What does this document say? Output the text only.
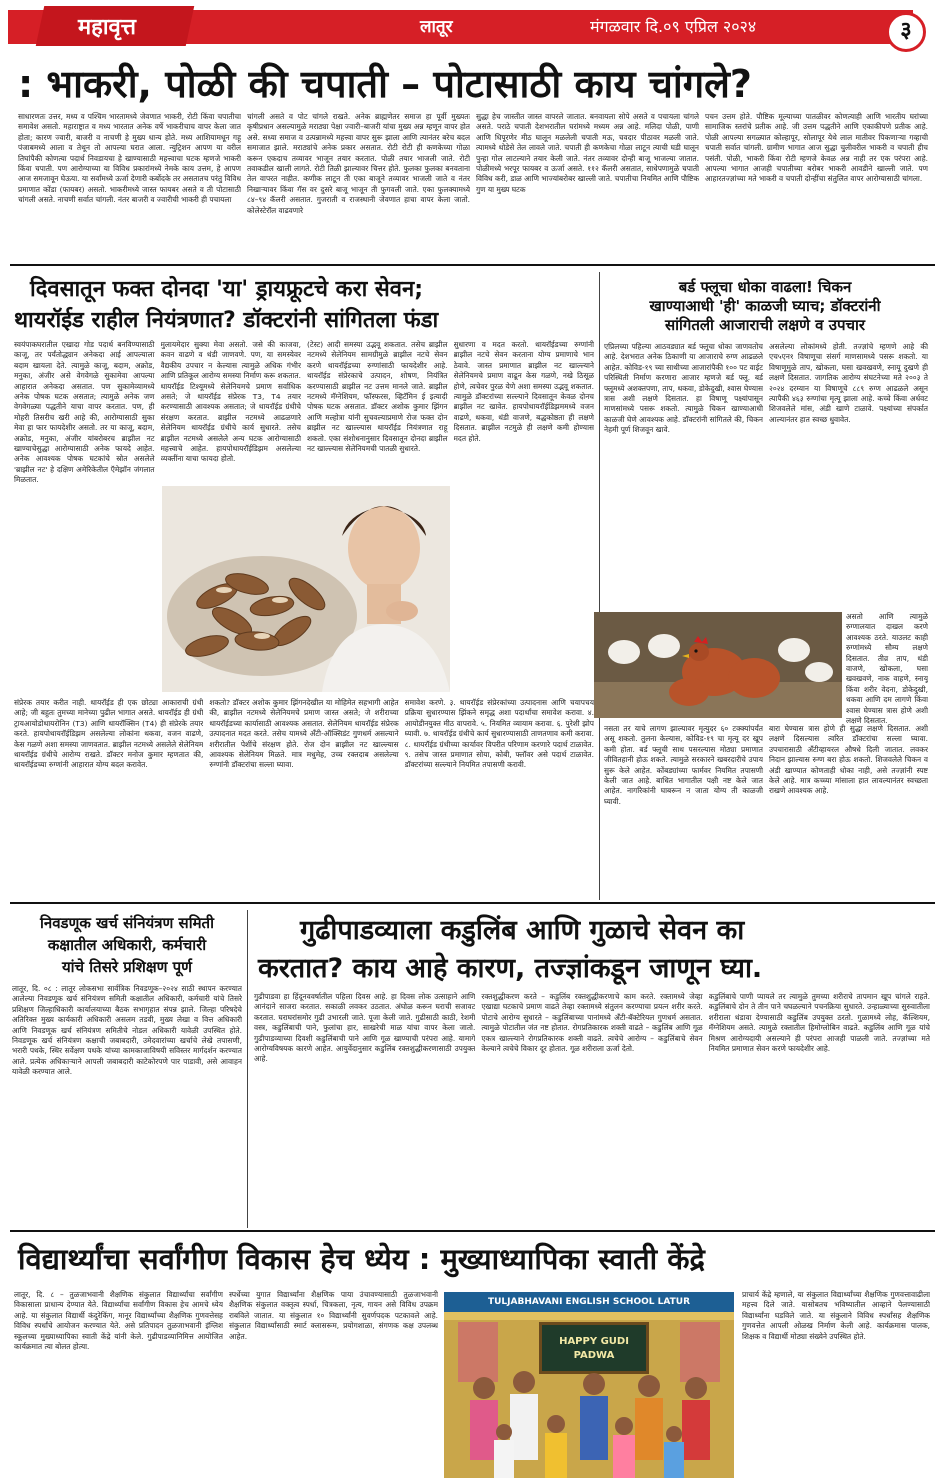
महावृत्त	लातूर	मंगळवार दि.०९ एप्रिल २०२४	३
: भाकरी, पोळी की चपाती – पोटासाठी काय चांगले?
साधारणतः उत्तर, मध्य व पश्चिम भारतामध्ये जेवणात भाकरी, रोटी किंवा चपातीचा समावेश असतो. महाराष्ट्रात व मध्य भारतात अनेक वर्षे भाकरीचाच वापर केला जात होता; कारण ज्वारी, बाजरी व नाचणी हे मुख्य धान्य होते. मध्य आशियामधून गहू पंजाबमध्ये आला व तेथून तो आपल्या घरात आला. न्युट्रिशन आपण या वरील तिघांपैकी कोणत्या पदार्थ निवडायचा हे खाण्यासाठी महत्त्वाचा घटक म्हणजे भाकरी किंवा चपाती. पण आरोग्याच्या या विविध प्रकारांमध्ये नेमके काय उत्तम, हे आपण आज समजावून घेऊया. या सर्वांमध्ये ऊर्जा देणारी कर्बोदके तर असतातच परंतु विविध प्रमाणात कोंडा (फायबर) असतो. भाकरीमध्ये जास्त फायबर असते व ती पोटासाठी चांगली असते. नाचणी सर्वात चांगली. नंतर बाजरी व ज्वारीची भाकरी ही पचायला
चांगली असते व पोट चांगले राखते. अनेक ब्राह्मणेतर समाज हा पूर्वी मुख्यतः कृषीप्रधान असल्यामुळे मराठ्या पेक्षा ज्वारी–बाजरी यांचा मुख्य अन्न म्हणून वापर होत असे. सध्या समाज व उत्पन्नामध्ये महत्त्वा वापर सुरू झाला आणि त्यानंतर बरेच बदल समाजात झाले. मराठ्यांचे अनेक प्रकार असतात. रोटी रोटी ही कणकेच्या गोळा करून एकदाच तव्यावर भाजून तयार करतात. पोळी तयार भाजली जाते. रोटी तवाकडील खाली लागते. रोटी तिळी झाल्यावर चित्तर होते. फुलका फुलका बनवताना तेल वापरत नाहीत. कणीक लाटून ती एका बाजूने तव्यावर भाजली जाते व नंतर निखाऱ्यावर किंवा गॅस वर दुसरे बाजू भाजून ती फुगवली जाते. एका फुलक्यामध्ये ८४–९४ कॅलरी असतात. गुजराती व राजस्थानी जेवणात हाचा वापर केला जातो. कोलेस्टेरॉल वाढवणारे
सुद्धा हेच जास्तीत जास्त वापरले जातात. बनवायला सोपे असते व पचायला चांगले असते. पराठे चपाती देशभरातील घरांमध्ये मध्यम अन्न आहे. मलिदा पोळी, पाणी आणि धिपूरणेर मीठ घालून मळलेली चपाती मऊ, चवदार पीठावर मळली जाते. त्यामध्ये थोडेसे तेल लावले जाते. चपाती ही कणकेचा गोळा लाटून त्याची घडी घालून पुन्हा गोल लाटल्याने तयार केली जाते. नंतर तव्यावर दोन्ही बाजू भाजल्या जातात. पोळीमध्ये भरपूर फायबर व ऊर्जा असते. ११२ कॅलरी असतात, साधेपणामुळे चपाती विविध करी, डाळ आणि भाज्यांबरोबर खाल्ली जाते. चपातीचा नियमित आणि पौष्टिक गुण या मुख्य घटक
पचन उत्तम होते. पौष्टिक मूल्याच्या पातळीवर कोणत्याही आणि भारतीय घरांच्या सामाजिक स्तरांचे प्रतीक आहे. जी उत्तम पद्धतीने आणि एकाकीपणे प्रतीक आहे. पोळी आपल्या सगळ्यात कोल्हापूर, सोलापूर येथे लाल मातीवर पिकणाऱ्या गव्हाची चपाती सर्वात चांगली. ग्रामीण भागात आज सुद्धा चुलीवरील भाकरी व चपाती हीच पसंती. पोळी, भाकरी किंवा रोटी म्हणजे केवळ अन्न नाही तर एक परंपरा आहे. आपल्या भागात आजही चपातीच्या बरोबर भाकरी आवडीने खाल्ली जाते. पण आहारतज्ज्ञांच्या मते भाकरी व चपाती दोन्हींचा संतुलित वापर आरोग्यासाठी चांगला.
दिवसातून फक्त दोनदा 'या' ड्रायफ्रूटचे करा सेवन;
थायरॉईड राहील नियंत्रणात? डॉक्टरांनी सांगितला फंडा
स्वयंपाकघरातील एखादा गोड पदार्थ बनविण्यासाठी काजू, तर पर्यंतोद्ध्यान अनेकदा आई आपल्याला बदाम खायला देते. त्यामुळे काजू, बदाम, अक्रोड, मनुका, अंजीर असे वेगवेगळे सुकामेवा आपल्या आहारात अनेकदा असतात. पण सुकामेव्यामध्ये अनेक पोषक घटक असतात; त्यामुळे अनेक जण वेगवेगळ्या पद्धतीने याचा वापर करतात. पण, ही मोहरी तिसरीच खरी आहे की, आरोग्यासाठी सुका मेवा हा फार फायदेशीर असतो. तर या काजू, बदाम, अक्रोड, मनुका, अंजीर यांबरोबरच ब्राझील नट खाण्याचेसुद्धा आरोग्यासाठी अनेक फायदे आहेत. अनेक आवश्यक पोषक घटकांचे स्रोत असलेले 'ब्राझील नट' हे दक्षिण अमेरिकेतील ऍमेझॉन जंगलात मिळतात.
मुलायमेदार सुक्या मेवा असतो. जसे की काजवा, कवन वाढणे व थंडी जाणवणे. पण, या समस्येवर वैद्यकीय उपचार न केल्यास त्यामुळे अधिक गंभीर आणि प्रतिकूल आरोग्य समस्या निर्माण करू शकतात. थायरॉईड टिश्यूमध्ये सेलेनियमचे प्रमाण सर्वाधिक असते; जे थायरॉईड संप्रेरक T3, T4 तयार करण्यासाठी आवश्यक असतात; जे थायरॉईड ग्रंथीचे संरक्षण करतात. ब्राझील नटमध्ये आढळणारे सेलेनियम थायरॉईड ग्रंथीचे कार्य सुधारते. तसेच ब्राझील नटमध्ये असलेले अन्य घटक आरोग्यासाठी महत्त्वाचे आहेत. हायपोथायरॉईडिझम असलेल्या व्यक्तींना याचा फायदा होतो.
(टेस्ट) आदी समस्या उद्भवू शकतात. तसेच ब्राझील नटमध्ये सेलेनियम सामग्रीमुळे ब्राझील नटचे सेवन करणे थायरॉईडच्या रुग्णांसाठी फायदेशीर आहे. थायरॉईड संप्रेरकाचे उत्पादन, शोषण, नियंत्रित करण्यासाठी ब्राझील नट उत्तम मानले जाते. ब्राझील नटमध्ये मॅग्नेशियम, फॉस्फरस, व्हिटॅमिन ई इत्यादी पोषक घटक असतात. डॉक्टर अशोक कुमार झिंगन आणि मल्होत्रा यांनी सुचवल्याप्रमाणे रोज फक्त दोन ब्राझील नट खाल्ल्यास थायरॉईड नियंत्रणात राहू शकतो. एका संशोधनानुसार दिवसातून दोनदा ब्राझील नट खाल्ल्यास सेलेनियमची पातळी सुधारते.
सुधारणा व मदत करतो. थायरॉईडच्या रुग्णांनी ब्राझील नटचे सेवन करताना योग्य प्रमाणाचे भान ठेवावे. जास्त प्रमाणात ब्राझील नट खाल्ल्याने सेलेनियमचे प्रमाण वाढून केस गळणे, नखे ठिसूळ होणे, त्वचेवर पुरळ येणे अशा समस्या उद्भवू शकतात. त्यामुळे डॉक्टरांच्या सल्ल्याने दिवसातून केवळ दोनच ब्राझील नट खावेत. हायपोथायरॉईडिझममध्ये वजन वाढणे, थकवा, थंडी वाजणे, बद्धकोष्ठता ही लक्षणे दिसतात. ब्राझील नटमुळे ही लक्षणे कमी होण्यास मदत होते.
संप्रेरक तयार करीत नाही. थायरॉईड ही एक छोट्या आकाराची ग्रंथी आहे; जी बहुतः तुमच्या मानेच्या पुढील भागात असते. थायरॉईड ही ग्रंथी ट्रायआयोडोथायरोनिन (T3) आणि थायरॉक्सिन (T4) ही संप्रेरके तयार करते. हायपोथायरॉईडिझम असलेल्या लोकांना थकवा, वजन वाढणे, केस गळणे अशा समस्या जाणवतात. ब्राझील नटमध्ये असलेले सेलेनियम थायरॉईड ग्रंथीचे आरोग्य राखते. डॉक्टर मनोज कुमार म्हणतात की, थायरॉईडच्या रुग्णांनी आहारात योग्य बदल करावेत.
शकतो? डॉक्टर अशोक कुमार झिंगनदेखील या मोहिमेत सहभागी आहेत की, ब्राझील नटमध्ये सेलेनियमचे प्रमाण जास्त असते; जे शरीराच्या थायरॉईडच्या कार्यासाठी आवश्यक असतात. सेलेनियम थायरॉईड संप्रेरक उत्पादनात मदत करते. तसेच यामध्ये अँटी-ऑक्सिडंट गुणधर्म असल्याने शरीरातील पेशींचे संरक्षण होते. रोज दोन ब्राझील नट खाल्ल्यास आवश्यक सेलेनियम मिळते. मात्र मधुमेह, उच्च रक्तदाब असलेल्या रुग्णांनी डॉक्टरांचा सल्ला घ्यावा.
समावेश करणे. ३. थायरॉईड संप्रेरकांच्या उत्पादनास आणि चयापचय प्रक्रिया सुधारण्यास झिंकने समृद्ध अशा पदार्थांचा समावेश करावा. ४. आयोडीनयुक्त मीठ वापरावे. ५. नियमित व्यायाम करावा. ६. पुरेशी झोप घ्यावी. ७. थायरॉईड ग्रंथीचे कार्य सुधारण्यासाठी ताणतणाव कमी करावा. ८. थायरॉईड ग्रंथीच्या कार्यावर विपरीत परिणाम करणारे पदार्थ टाळावेत. ९. तसेच जास्त प्रमाणात सोया, कोबी, फ्लॉवर असे पदार्थ टाळावेत. डॉक्टरांच्या सल्ल्याने नियमित तपासणी करावी.
बर्ड फ्लूचा धोका वाढला! चिकन
खाण्याआधी 'ही' काळजी घ्याच; डॉक्टरांनी
सांगितली आजाराची लक्षणे व उपचार
एप्रिलच्या पहिल्या आठवड्यात बर्ड फ्लूचा धोका जाणवतोच आहे. देशभरात अनेक ठिकाणी या आजाराचे रुग्ण आढळले आहेत. कोविड-१९ च्या साथीच्या आजारांपैकी १०० पट वाईट परिस्थिती निर्माण करणारा आजार म्हणजे बर्ड फ्लू. बर्ड फ्लूमध्ये अशक्तपणा, ताप, थकवा, डोकेदुखी, श्वास घेण्यास त्रास अशी लक्षणे दिसतात. हा विषाणू पक्ष्यांपासून माणसांमध्ये पसरू शकतो. त्यामुळे चिकन खाण्याआधी काळजी घेणे आवश्यक आहे. डॉक्टरांनी सांगितले की, चिकन नेहमी पूर्ण शिजवून खावे.
असलेल्या लोकांमध्ये होती. तज्ज्ञांचे म्हणणे आहे की एच५एन१ विषाणूचा संसर्ग माणसामध्ये पसरू शकतो. या विषाणूमुळे ताप, खोकला, घसा खवखवणे, स्नायू दुखणे ही लक्षणे दिसतात. जागतिक आरोग्य संघटनेच्या मते २००३ ते २०२४ दरम्यान या विषाणूचे ८८९ रुग्ण आढळले असून त्यापैकी ४६३ रुग्णांचा मृत्यू झाला आहे. कच्चे किंवा अर्धवट शिजवलेले मांस, अंडी खाणे टाळावे. पक्ष्यांच्या संपर्कात आल्यानंतर हात स्वच्छ धुवावेत.
असतो आणि त्यामुळे रुग्णालयात दाखल करणे आवश्यक ठरते. याउलट काही रुग्णांमध्ये सौम्य लक्षणे दिसतात. तीव्र ताप, थंडी वाजणे, खोकला, घसा खवखवणे, नाक वाहणे, स्नायू किंवा शरीर वेदना, डोकेदुखी, थकवा आणि दम लागणे किंवा श्वास घेण्यास त्रास होणे अशी लक्षणे दिसतात.
नसता तर याचे लागण झाल्यावर मृत्युदर ६० टक्क्यांपर्यंत असू शकतो. तुलना केल्यास, कोविड-१९ चा मृत्यू दर खूप कमी होता. बर्ड फ्लूची साथ पसरल्यास मोठ्या प्रमाणात जीवितहानी होऊ शकते. त्यामुळे सरकारने खबरदारीचे उपाय सुरू केले आहेत. कोंबड्यांच्या फार्मवर नियमित तपासणी केली जात आहे. बाधित भागातील पक्षी नष्ट केले जात आहेत. नागरिकांनी घाबरून न जाता योग्य ती काळजी घ्यावी.
बारा घेण्यास त्रास होणे ही सुद्धा लक्षणे दिसतात. अशी लक्षणे दिसल्यास त्वरित डॉक्टरांचा सल्ला घ्यावा. उपचारासाठी अँटीव्हायरल औषधे दिली जातात. लवकर निदान झाल्यास रुग्ण बरा होऊ शकतो. शिजवलेले चिकन व अंडी खाण्यात कोणताही धोका नाही, असे तज्ज्ञांनी स्पष्ट केले आहे. मात्र कच्च्या मांसाला हात लावल्यानंतर स्वच्छता राखणे आवश्यक आहे.
निवडणूक खर्च संनियंत्रण समिती
कक्षातील अधिकारी, कर्मचारी
यांचे तिसरे प्रशिक्षण पूर्ण
लातूर, दि. ०८ : लातूर लोकसभा सार्वत्रिक निवडणूक–२०२४ साठी स्थापन करण्यात आलेल्या निवडणूक खर्च संनियंत्रण समिती कक्षातील अधिकारी, कर्मचारी यांचे तिसरे प्रशिक्षण जिल्हाधिकारी कार्यालयाच्या बैठक सभागृहात संपन्न झाले. जिल्हा परिषदेचे अतिरिक्त मुख्य कार्यकारी अधिकारी असलम तडवी, मुख्य लेखा व वित्त अधिकारी आणि निवडणूक खर्च संनियंत्रण समितीचे नोडल अधिकारी यावेळी उपस्थित होते. निवडणूक खर्च संनियंत्रण कक्षाची जबाबदारी, उमेदवारांच्या खर्चाचे लेखे तपासणी, भरारी पथके, स्थिर सर्वेक्षण पथके यांच्या कामकाजाविषयी सविस्तर मार्गदर्शन करण्यात आले. प्रत्येक अधिकाऱ्याने आपली जबाबदारी काटेकोरपणे पार पाडावी, असे आवाहन यावेळी करण्यात आले.
गुढीपाडव्याला कडुलिंब आणि गुळाचे सेवन का
करतात? काय आहे कारण, तज्ज्ञांकडून जाणून घ्या.
गुढीपाडवा हा हिंदूनववर्षातील पहिला दिवस आहे. हा दिवस लोक उत्साहाने आणि आनंदाने साजरा करतात. सकाळी लवकर उठतात. अंघोळ करून घराची सजावट करतात. घराघरांसमोर गुढी उभारली जाते. पूजा केली जाते. गुढीसाठी काठी, रेशमी वस्त्र, कडुलिंबाची पाने, फुलांचा हार, साखरेची माळ यांचा वापर केला जातो. गुढीपाडव्याच्या दिवशी कडुलिंबाची पाने आणि गूळ खाण्याची परंपरा आहे. यामागे आरोग्यविषयक कारणे आहेत. आयुर्वेदानुसार कडुलिंब रक्तशुद्धीकरणासाठी उपयुक्त आहे.
रक्तशुद्धीकरण करते – कडुलिंब रक्तशुद्धीकरणाचे काम करते. रक्तामध्ये जेव्हा एखाद्या घटकाचे प्रमाण वाढते तेव्हा रक्तामध्ये संतुलन करण्याचा प्रयत्न शरीर करते. पोटाचे आरोग्य सुधारते – कडुलिंबाच्या पानांमध्ये अँटी-बॅक्टेरियल गुणधर्म असतात. त्यामुळे पोटातील जंत नष्ट होतात. रोगप्रतिकारक शक्ती वाढते – कडुलिंब आणि गूळ एकत्र खाल्ल्याने रोगप्रतिकारक शक्ती वाढते. त्वचेचे आरोग्य – कडुलिंबाचे सेवन केल्याने त्वचेचे विकार दूर होतात. गूळ शरीराला ऊर्जा देतो.
कडुलिंबाचे पाणी प्यायले तर त्यामुळे तुमच्या शरीराचे तापमान खूप चांगले राहते. कडुलिंबाचे दोन ते तीन पाने चघळल्याने पचनक्रिया सुधारते. उन्हाळ्याच्या सुरुवातीला शरीराला थंडावा देण्यासाठी कडुलिंब उपयुक्त ठरतो. गुळामध्ये लोह, कॅल्शियम, मॅग्नेशियम असते. त्यामुळे रक्तातील हिमोग्लोबिन वाढते. कडुलिंब आणि गूळ यांचे मिश्रण आरोग्यदायी असल्याने ही परंपरा आजही पाळली जाते. तज्ज्ञांच्या मते नियमित प्रमाणात सेवन करणे फायदेशीर आहे.
विद्यार्थ्यांचा सर्वांगीण विकास हेच ध्येय : मुख्याध्यापिका स्वाती केंद्रे
लातूर, दि. ८ – तुळजाभवानी शैक्षणिक संकुलात विद्यार्थ्यांचा सर्वांगीण विकासाला प्राधान्य देण्यात येते. विद्यार्थ्यांचा सर्वांगीण विकास हेच आमचे ध्येय आहे. या संकुलात विद्यार्थी कंदुरेकिंग, मानूर विद्यार्थ्यांच्या शैक्षणिक गुणवत्तेसह विविध स्पर्धांचे आयोजन करण्यात येते. असे प्रतिपादन तुळजाभवानी इंग्लिश स्कूलच्या मुख्याध्यापिका स्वाती केंद्रे यांनी केले. गुढीपाडव्यानिमित्त आयोजित कार्यक्रमात त्या बोलत होत्या.
स्पर्धेच्या युगात विद्यार्थ्यांना शैक्षणिक पाया उंचावण्यासाठी तुळजाभवानी शैक्षणिक संकुलात वक्तृत्व स्पर्धा, चित्रकला, नृत्य, गायन असे विविध उपक्रम राबविले जातात. या संकुलात १० विद्यार्थ्यांनी सुवर्णपदक पटकावले आहे. संकुलात विद्यार्थ्यांसाठी स्मार्ट क्लासरूम, प्रयोगशाळा, संगणक कक्ष उपलब्ध आहेत.
TULJABHAVANI ENGLISH SCHOOL LATUR
HAPPY GUDI PADWA
प्राचार्य केंद्रे म्हणाले, या संकुलात विद्यार्थ्यांच्या शैक्षणिक गुणवत्तावाढीला महत्त्व दिले जाते. यासोबतच भविष्यातील आव्हाने पेलण्यासाठी विद्यार्थ्यांना घडविले जाते. या संकुलाने विविध स्पर्धांसह शैक्षणिक गुणवत्तेत आपली ओळख निर्माण केली आहे. कार्यक्रमास पालक, शिक्षक व विद्यार्थी मोठ्या संख्येने उपस्थित होते.
